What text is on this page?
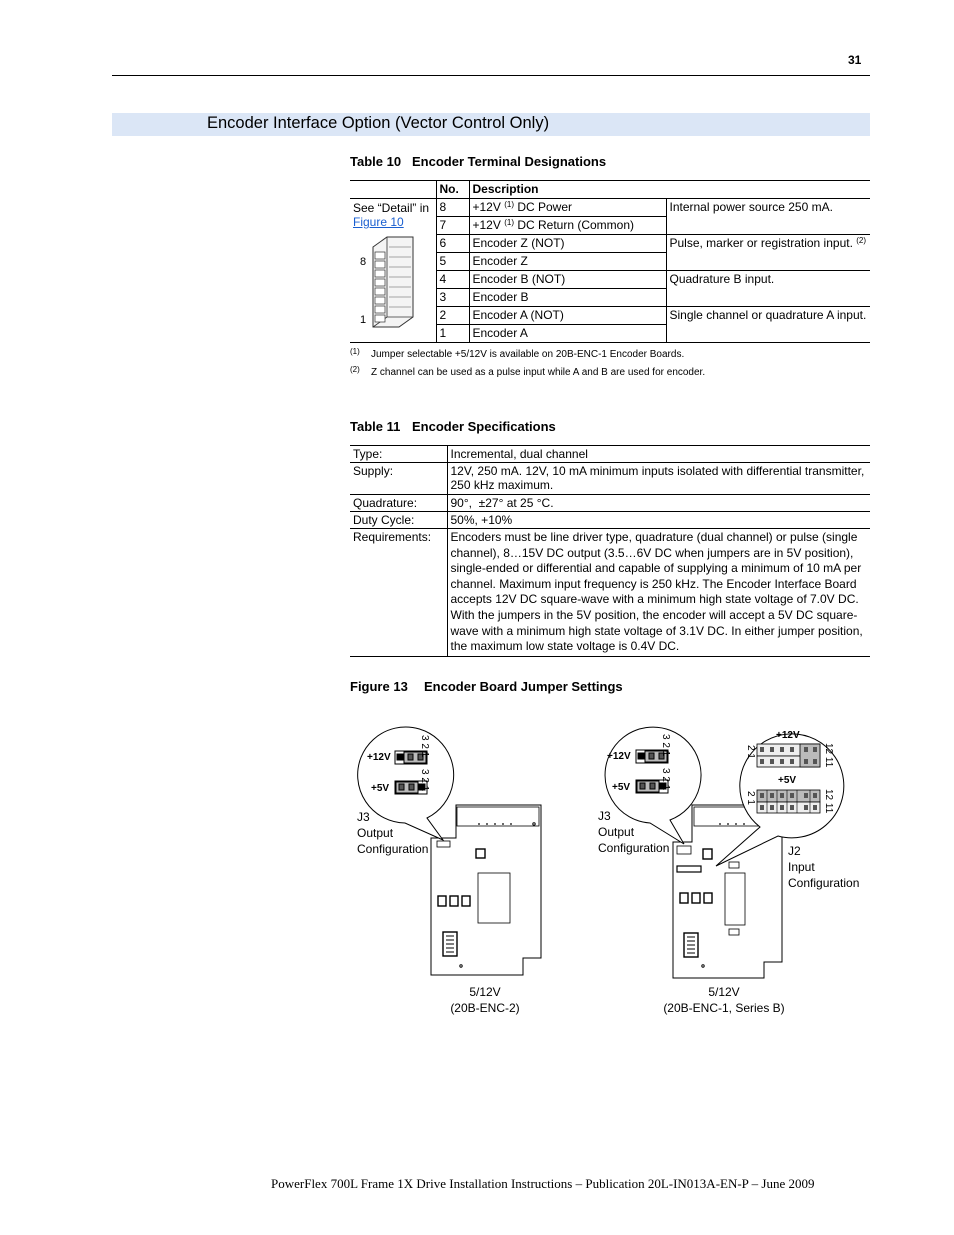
31
Encoder Interface Option (Vector Control Only)
Table 10 Encoder Terminal Designations
	No.	Description	

See “Detail” in
Figure 10
8
1	8	+12V $^{(1)}$ DC Power	Internal power source 250 mA.
	7	+12V $^{(1)}$ DC Return (Common)	
	6	Encoder Z (NOT)	Pulse, marker or registration input. $^{(2)}$
	5	Encoder Z	
	4	Encoder B (NOT)	Quadrature B input.
	3	Encoder B	
	2	Encoder A (NOT)	Single channel or quadrature A input.
	1	Encoder A	
(1) Jumper selectable +5/12V is available on 20B-ENC-1 Encoder Boards.
(2) Z channel can be used as a pulse input while A and B are used for encoder.
Table 11 Encoder Specifications
Type:	Incremental, dual channel
Supply:	12V, 250 mA. 12V, 10 mA minimum inputs isolated with differential transmitter, 250 kHz maximum.
Quadrature:	90°,  ±27° at 25 °C.
Duty Cycle:	50%, +10%
Requirements:	Encoders must be line driver type, quadrature (dual channel) or pulse (single channel), 8…15V DC output (3.5…6V DC when jumpers are in 5V position), single-ended or differential and capable of supplying a minimum of 10 mA per channel. Maximum input frequency is 250 kHz. The Encoder Interface Board accepts 12V DC square-wave with a minimum high state voltage of 7.0V DC. With the jumpers in the 5V position, the encoder will accept a 5V DC square-wave with a minimum high state voltage of 3.1V DC. In either jumper position, the maximum low state voltage is 0.4V DC.
Figure 13 Encoder Board Jumper Settings
+12V
+5V
3 2 1
3 2 1
J3
Output
Configuration
5/12V
(20B-ENC-2)
+12V
+5V
3 2 1
3 2 1
J3
Output
Configuration
+12V
+5V
2 1
2 1
12 11
12 11
J2
Input
Configuration
5/12V
(20B-ENC-1, Series B)
PowerFlex 700L Frame 1X Drive Installation Instructions – Publication 20L-IN013A-EN-P – June 2009
